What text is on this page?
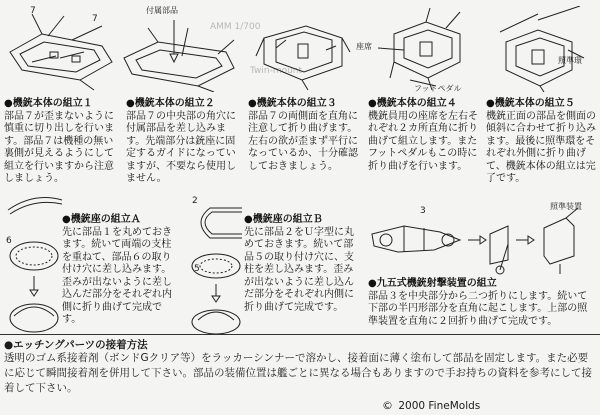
AMM 1/700
Twin-mount
7
7
付属部品
座席
フットペダル
照準環
● 機銃本体の組立１
部品７が歪まないように慎重に切り出しを行います。部品７は機種の無い裏側が見えるようにして組立を行いますから注意しましょう。
● 機銃本体の組立２
部品７の中央部の角穴に付属部品を差し込みます。先端部分は銃座に固定するガイドになっていますが、不要なら使用しません。
● 機銃本体の組立３
部品７の両側面を直角に注意して折り曲げます。左右の欲が歪まず平行になっているか、十分確認しておきましょう。
● 機銃本体の組立４
機銃員用の座席を左右それぞれ２カ所直角に折り曲げて組立します。またフットペダルもこの時に折り曲げを行います。
● 機銃本体の組立５
機銃正面の部品を側面の傾斜に合わせて折り込みます。最後に照準環をそれぞれ外側に折り曲げて、機銃本体の組立は完了です。
6
● 機銃座の組立Ａ
先に部品１を丸めておきます。続いて両端の支柱を重ねて、部品６の取り付け穴に差し込みます。歪みが出ないように差し込んだ部分をそれぞれ内側に折り曲げて完成です。
2
5
● 機銃座の組立Ｂ
先に部品２をＵ字型に丸めておきます。続いて部品５の取り付け穴に、支柱を差し込みます。歪みが出ないように差し込んだ部分をそれぞれ内側に折り曲げて完成です。
3	照準装置
● 九五式機銃射撃装置の組立
部品３を中央部分から二つ折りにします。続いて下部の半円形部分を直角に起こします。上部の照準装置を直角に２回折り曲げて完成です。
● エッチングパーツの接着方法
透明のゴム系接着剤（ボンドGクリア等）をラッカーシンナーで溶かし、接着面に薄く塗布して部品を固定します。また必要に応じて瞬間接着剤を併用して下さい。部品の装備位置は艦ごとに異なる場合もありますので手お持ちの資料を参考にして接着して下さい。
© 2000 FineMolds
